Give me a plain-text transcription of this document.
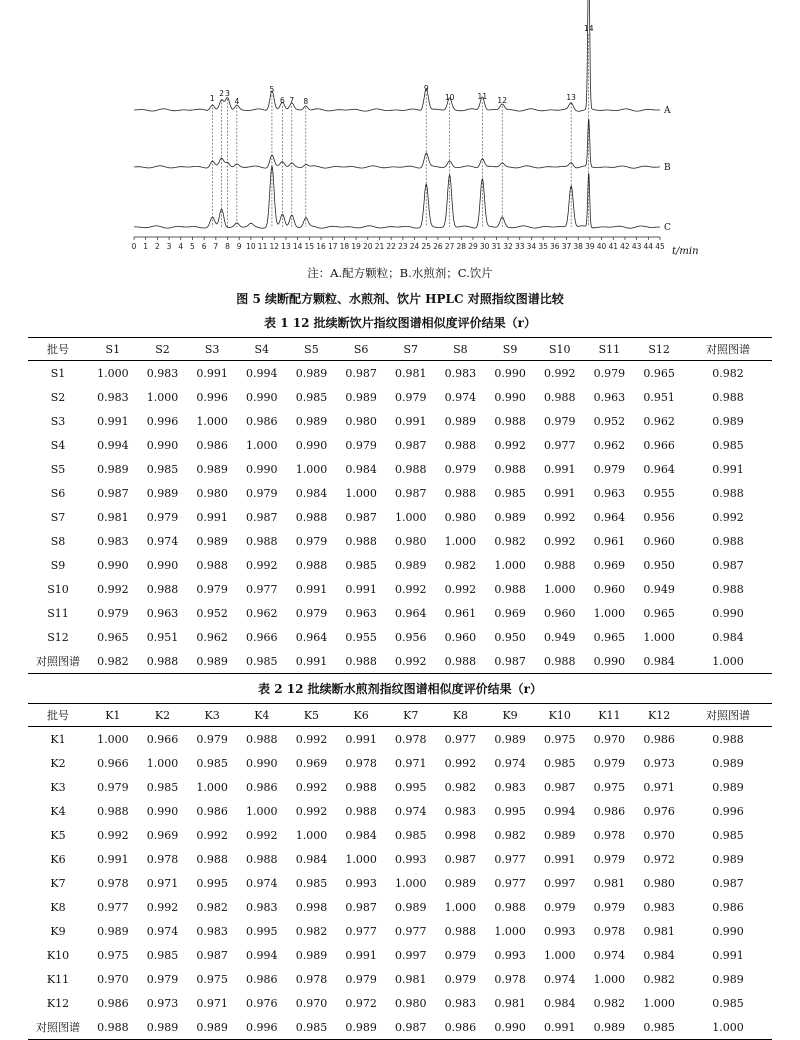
0 1 2 3 4 5 6 7 8 9 10 11 12 13 14 15 16 17 18 19 20 21 22 23 24 25 26 27 28 29 30 31 32 33 34 35 36 37 38 39 40 41 42 43 44 45 t/min
A
B
C
1
2 3
4
5
6 7 8
9
10	11 12	13
14
注：A.配方颗粒；B.水煎剂；C.饮片
图 5 续断配方颗粒、水煎剂、饮片 HPLC 对照指纹图谱比较
表 1 12 批续断饮片指纹图谱相似度评价结果（r）
批号	S1	S2	S3	S4	S5	S6	S7	S8	S9	S10	S11	S12	对照图谱
S1	1.000	0.983	0.991	0.994	0.989	0.987	0.981	0.983	0.990	0.992	0.979	0.965	0.982
S2	0.983	1.000	0.996	0.990	0.985	0.989	0.979	0.974	0.990	0.988	0.963	0.951	0.988
S3	0.991	0.996	1.000	0.986	0.989	0.980	0.991	0.989	0.988	0.979	0.952	0.962	0.989
S4	0.994	0.990	0.986	1.000	0.990	0.979	0.987	0.988	0.992	0.977	0.962	0.966	0.985
S5	0.989	0.985	0.989	0.990	1.000	0.984	0.988	0.979	0.988	0.991	0.979	0.964	0.991
S6	0.987	0.989	0.980	0.979	0.984	1.000	0.987	0.988	0.985	0.991	0.963	0.955	0.988
S7	0.981	0.979	0.991	0.987	0.988	0.987	1.000	0.980	0.989	0.992	0.964	0.956	0.992
S8	0.983	0.974	0.989	0.988	0.979	0.988	0.980	1.000	0.982	0.992	0.961	0.960	0.988
S9	0.990	0.990	0.988	0.992	0.988	0.985	0.989	0.982	1.000	0.988	0.969	0.950	0.987
S10	0.992	0.988	0.979	0.977	0.991	0.991	0.992	0.992	0.988	1.000	0.960	0.949	0.988
S11	0.979	0.963	0.952	0.962	0.979	0.963	0.964	0.961	0.969	0.960	1.000	0.965	0.990
S12	0.965	0.951	0.962	0.966	0.964	0.955	0.956	0.960	0.950	0.949	0.965	1.000	0.984
对照图谱	0.982	0.988	0.989	0.985	0.991	0.988	0.992	0.988	0.987	0.988	0.990	0.984	1.000
表 2 12 批续断水煎剂指纹图谱相似度评价结果（r）
批号	K1	K2	K3	K4	K5	K6	K7	K8	K9	K10	K11	K12	对照图谱
K1	1.000	0.966	0.979	0.988	0.992	0.991	0.978	0.977	0.989	0.975	0.970	0.986	0.988
K2	0.966	1.000	0.985	0.990	0.969	0.978	0.971	0.992	0.974	0.985	0.979	0.973	0.989
K3	0.979	0.985	1.000	0.986	0.992	0.988	0.995	0.982	0.983	0.987	0.975	0.971	0.989
K4	0.988	0.990	0.986	1.000	0.992	0.988	0.974	0.983	0.995	0.994	0.986	0.976	0.996
K5	0.992	0.969	0.992	0.992	1.000	0.984	0.985	0.998	0.982	0.989	0.978	0.970	0.985
K6	0.991	0.978	0.988	0.988	0.984	1.000	0.993	0.987	0.977	0.991	0.979	0.972	0.989
K7	0.978	0.971	0.995	0.974	0.985	0.993	1.000	0.989	0.977	0.997	0.981	0.980	0.987
K8	0.977	0.992	0.982	0.983	0.998	0.987	0.989	1.000	0.988	0.979	0.979	0.983	0.986
K9	0.989	0.974	0.983	0.995	0.982	0.977	0.977	0.988	1.000	0.993	0.978	0.981	0.990
K10	0.975	0.985	0.987	0.994	0.989	0.991	0.997	0.979	0.993	1.000	0.974	0.984	0.991
K11	0.970	0.979	0.975	0.986	0.978	0.979	0.981	0.979	0.978	0.974	1.000	0.982	0.989
K12	0.986	0.973	0.971	0.976	0.970	0.972	0.980	0.983	0.981	0.984	0.982	1.000	0.985
对照图谱	0.988	0.989	0.989	0.996	0.985	0.989	0.987	0.986	0.990	0.991	0.989	0.985	1.000
